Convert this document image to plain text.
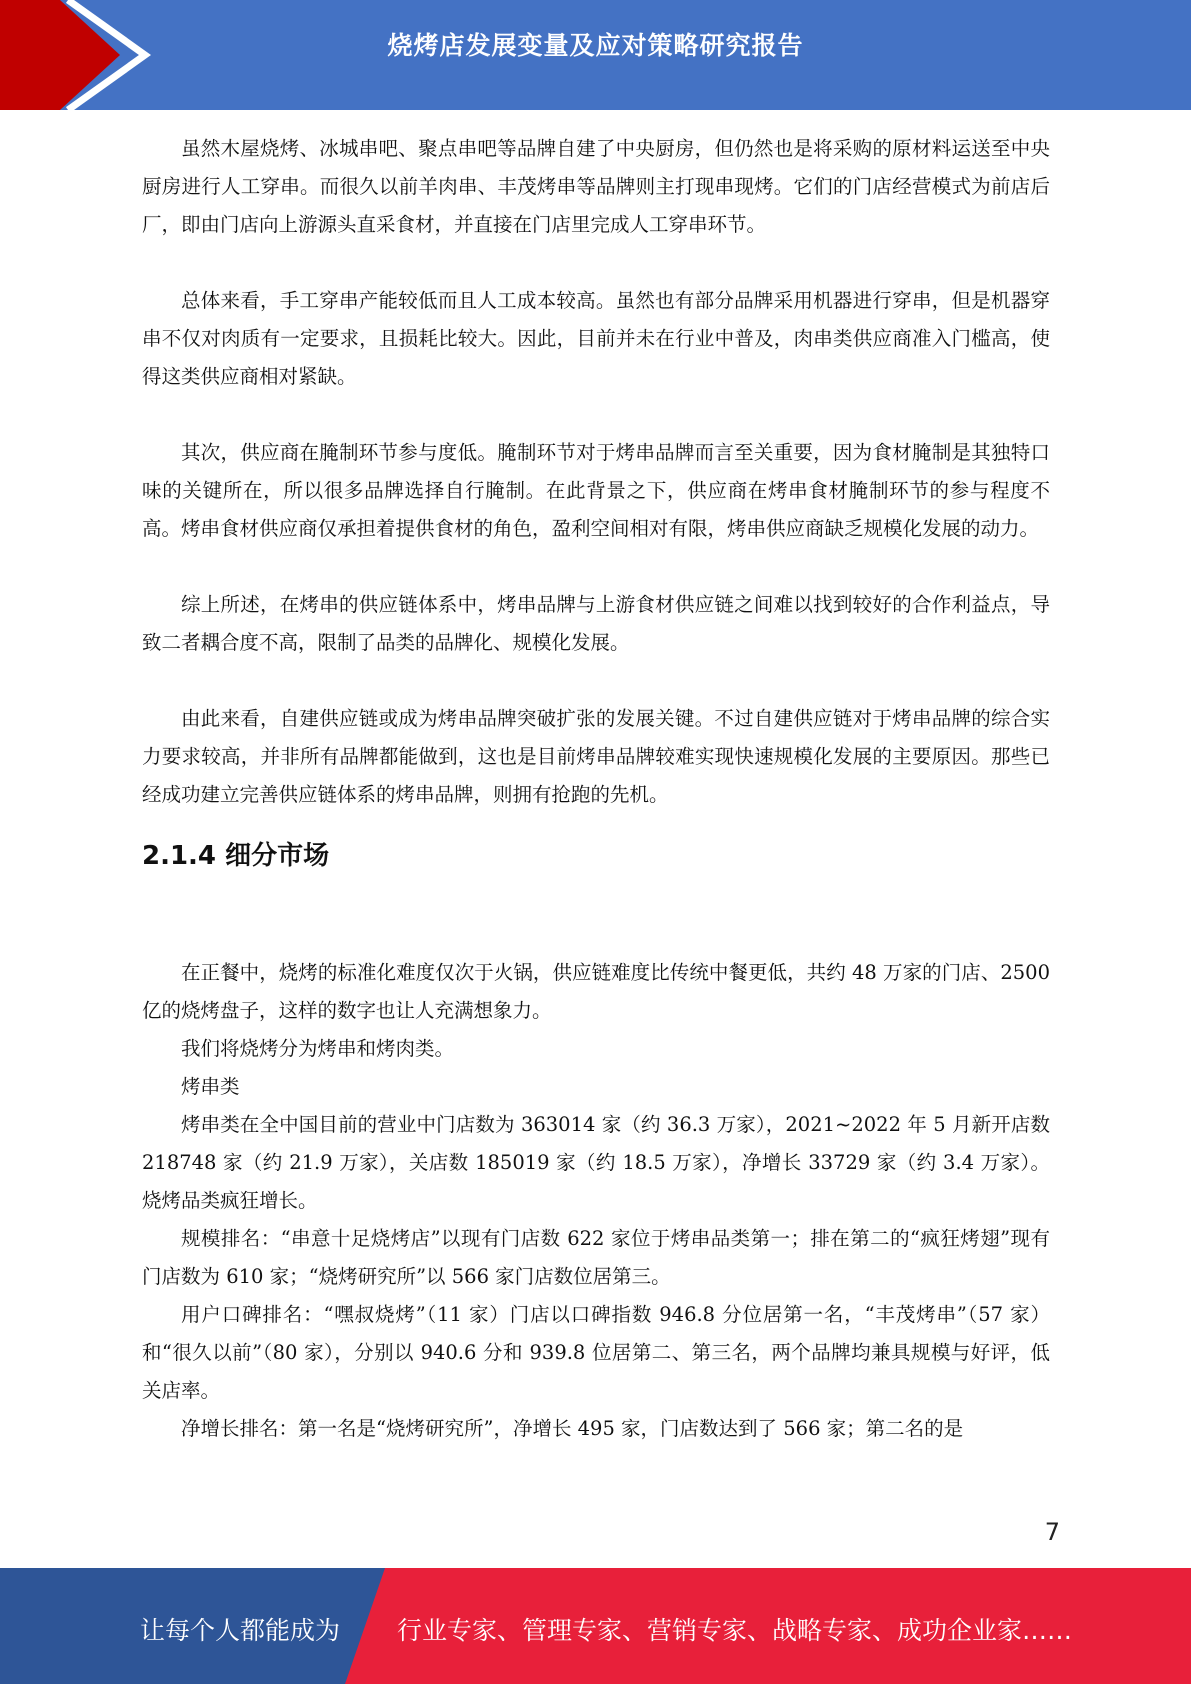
烧烤店发展变量及应对策略研究报告

虽然木屋烧烤、冰城串吧、聚点串吧等品牌自建了中央厨房，但仍然也是将采购的原材料运送至中央厨房进行人工穿串。而很久以前羊肉串、丰茂烤串等品牌则主打现串现烤。它们的门店经营模式为前店后厂，即由门店向上游源头直采食材，并直接在门店里完成人工穿串环节。

总体来看，手工穿串产能较低而且人工成本较高。虽然也有部分品牌采用机器进行穿串，但是机器穿串不仅对肉质有一定要求，且损耗比较大。因此，目前并未在行业中普及，肉串类供应商准入门槛高，使得这类供应商相对紧缺。

其次，供应商在腌制环节参与度低。腌制环节对于烤串品牌而言至关重要，因为食材腌制是其独特口味的关键所在，所以很多品牌选择自行腌制。在此背景之下，供应商在烤串食材腌制环节的参与程度不高。烤串食材供应商仅承担着提供食材的角色，盈利空间相对有限，烤串供应商缺乏规模化发展的动力。

综上所述，在烤串的供应链体系中，烤串品牌与上游食材供应链之间难以找到较好的合作利益点，导致二者耦合度不高，限制了品类的品牌化、规模化发展。

由此来看，自建供应链或成为烤串品牌突破扩张的发展关键。不过自建供应链对于烤串品牌的综合实力要求较高，并非所有品牌都能做到，这也是目前烤串品牌较难实现快速规模化发展的主要原因。那些已经成功建立完善供应链体系的烤串品牌，则拥有抢跑的先机。

2.1.4 细分市场

在正餐中，烧烤的标准化难度仅次于火锅，供应链难度比传统中餐更低，共约 48 万家的门店、2500 亿的烧烤盘子，这样的数字也让人充满想象力。

我们将烧烤分为烤串和烤肉类。

烤串类

烤串类在全中国目前的营业中门店数为 363014 家（约 36.3 万家），2021~2022 年 5 月新开店数 218748 家（约 21.9 万家），关店数 185019 家（约 18.5 万家），净增长 33729 家（约 3.4 万家）。烧烤品类疯狂增长。

规模排名：“串意十足烧烤店”以现有门店数 622 家位于烤串品类第一；排在第二的“疯狂烤翅”现有门店数为 610 家；“烧烤研究所”以 566 家门店数位居第三。

用户口碑排名：“嘿叔烧烤”（11 家）门店以口碑指数 946.8 分位居第一名，“丰茂烤串”（57 家）和“很久以前”（80 家），分别以 940.6 分和 939.8 位居第二、第三名，两个品牌均兼具规模与好评，低关店率。

净增长排名：第一名是“烧烤研究所”，净增长 495 家，门店数达到了 566 家；第二名的是

7
让每个人都能成为 行业专家、管理专家、营销专家、战略专家、成功企业家……
